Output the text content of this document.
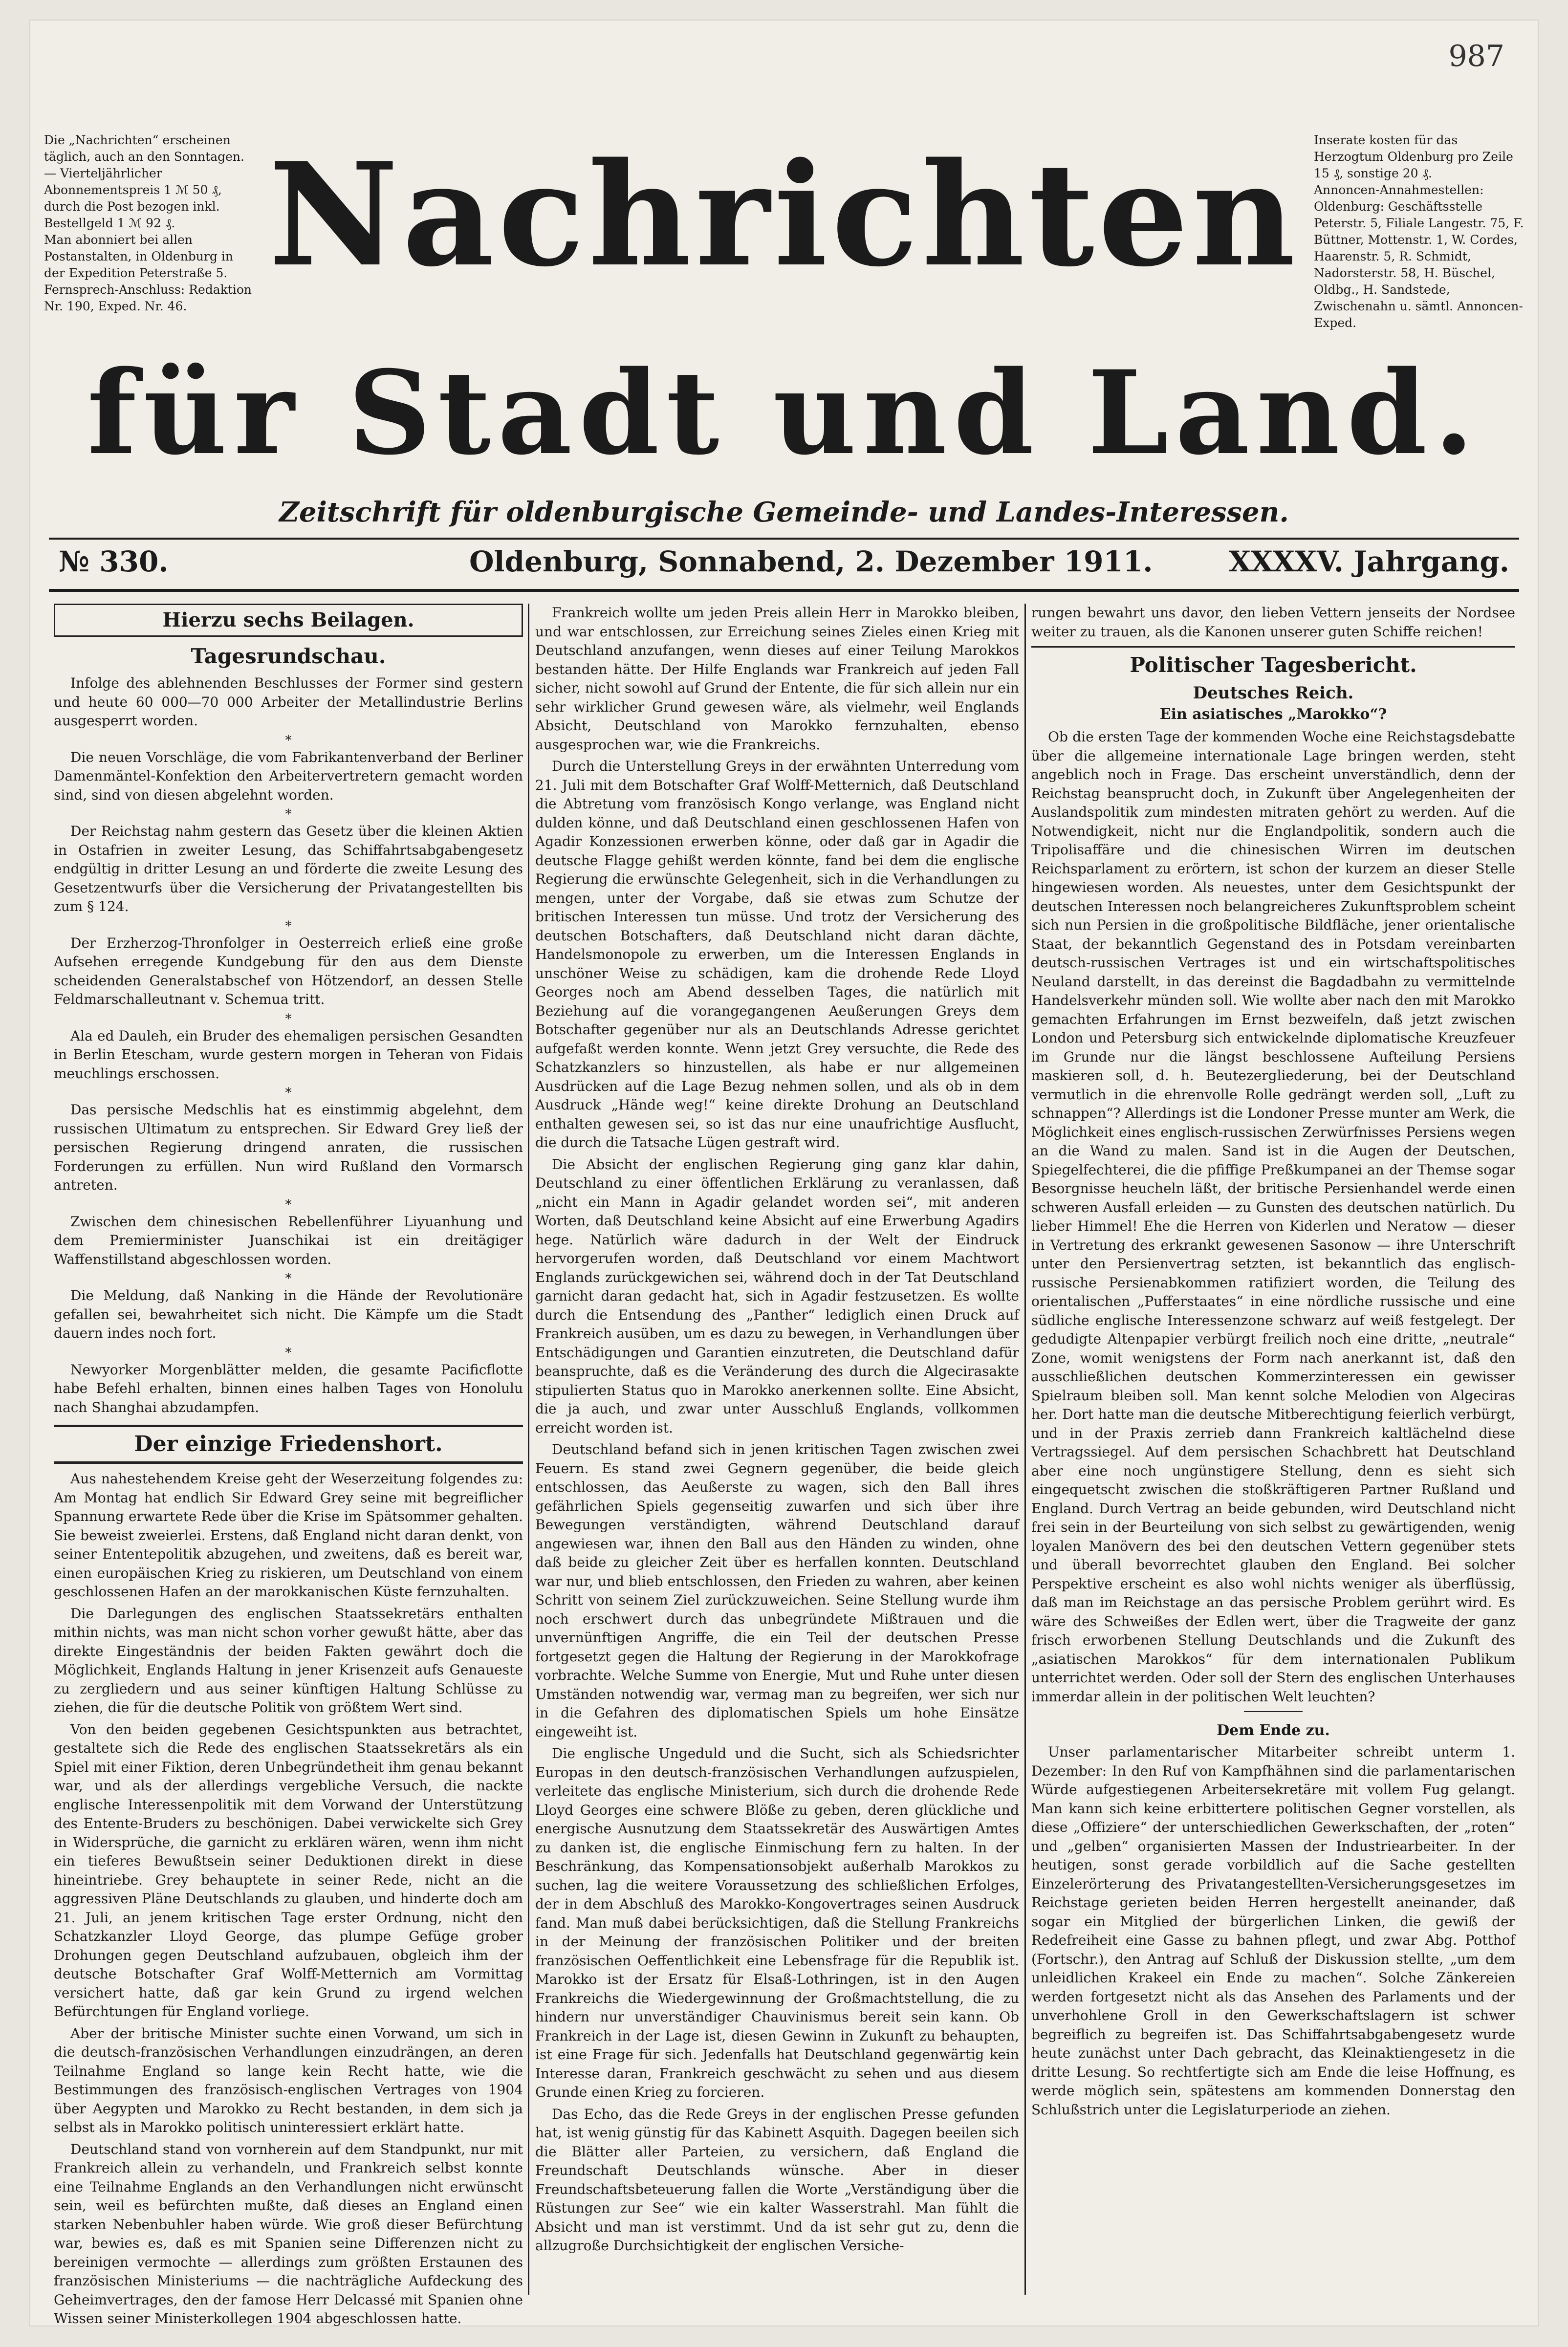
987

Die „Nachrichten“ erscheinen täglich, auch an den Sonntagen. — Vierteljährlicher Abonnementspreis 1 ℳ 50 ₰, durch die Post bezogen inkl. Bestellgeld 1 ℳ 92 ₰.

Man abonniert bei allen Postanstalten, in Oldenburg in der Expedition Peterstraße 5.

Fernsprech-Anschluss: Redaktion Nr. 190, Exped. Nr. 46.

Inserate kosten für das Herzogtum Oldenburg pro Zeile 15 ₰, sonstige 20 ₰.

Annoncen-Annahmestellen: Oldenburg: Geschäftsstelle Peterstr. 5, Filiale Langestr. 75, F. Büttner, Mottenstr. 1, W. Cordes, Haarenstr. 5, R. Schmidt, Nadorsterstr. 58, H. Büschel, Oldbg., H. Sandstede, Zwischenahn u. sämtl. Annoncen-Exped.

Nachrichten
für Stadt und Land.
Zeitschrift für oldenburgische Gemeinde- und Landes-Interessen.
№ 330.	Oldenburg, Sonnabend, 2. Dezember 1911.	XXXXV. Jahrgang.
Hierzu sechs Beilagen.
Tagesrundschau.

Infolge des ablehnenden Beschlusses der Former sind gestern und heute 60 000—70 000 Arbeiter der Metallindustrie Berlins ausgesperrt worden.

*

Die neuen Vorschläge, die vom Fabrikantenverband der Berliner Damenmäntel-Konfektion den Arbeitervertretern gemacht worden sind, sind von diesen abgelehnt worden.

*

Der Reichstag nahm gestern das Gesetz über die kleinen Aktien in Ostafrien in zweiter Lesung, das Schiffahrtsabgabengesetz endgültig in dritter Lesung an und förderte die zweite Lesung des Gesetzentwurfs über die Versicherung der Privatangestellten bis zum § 124.

*

Der Erzherzog-Thronfolger in Oesterreich erließ eine große Aufsehen erregende Kundgebung für den aus dem Dienste scheidenden Generalstabschef von Hötzendorf, an dessen Stelle Feldmarschalleutnant v. Schemua tritt.

*

Ala ed Dauleh, ein Bruder des ehemaligen persischen Gesandten in Berlin Etescham, wurde gestern morgen in Teheran von Fidais meuchlings erschossen.

*

Das persische Medschlis hat es einstimmig abgelehnt, dem russischen Ultimatum zu entsprechen. Sir Edward Grey ließ der persischen Regierung dringend anraten, die russischen Forderungen zu erfüllen. Nun wird Rußland den Vormarsch antreten.

*

Zwischen dem chinesischen Rebellenführer Liyuanhung und dem Premierminister Juanschikai ist ein dreitägiger Waffenstillstand abgeschlossen worden.

*

Die Meldung, daß Nanking in die Hände der Revolutionäre gefallen sei, bewahrheitet sich nicht. Die Kämpfe um die Stadt dauern indes noch fort.

*

Newyorker Morgenblätter melden, die gesamte Pacificflotte habe Befehl erhalten, binnen eines halben Tages von Honolulu nach Shanghai abzudampfen.

Der einzige Friedenshort.

Aus nahestehendem Kreise geht der Weserzeitung folgendes zu: Am Montag hat endlich Sir Edward Grey seine mit begreiflicher Spannung erwartete Rede über die Krise im Spätsommer gehalten. Sie beweist zweierlei. Erstens, daß England nicht daran denkt, von seiner Ententepolitik abzugehen, und zweitens, daß es bereit war, einen europäischen Krieg zu riskieren, um Deutschland von einem geschlossenen Hafen an der marokkanischen Küste fernzuhalten.

Die Darlegungen des englischen Staatssekretärs enthalten mithin nichts, was man nicht schon vorher gewußt hätte, aber das direkte Eingeständnis der beiden Fakten gewährt doch die Möglichkeit, Englands Haltung in jener Krisenzeit aufs Genaueste zu zergliedern und aus seiner künftigen Haltung Schlüsse zu ziehen, die für die deutsche Politik von größtem Wert sind.

Von den beiden gegebenen Gesichtspunkten aus betrachtet, gestaltete sich die Rede des englischen Staatssekretärs als ein Spiel mit einer Fiktion, deren Unbegründetheit ihm genau bekannt war, und als der allerdings vergebliche Versuch, die nackte englische Interessenpolitik mit dem Vorwand der Unterstützung des Entente-Bruders zu beschönigen. Dabei verwickelte sich Grey in Widersprüche, die garnicht zu erklären wären, wenn ihm nicht ein tieferes Bewußtsein seiner Deduktionen direkt in diese hineintriebe. Grey behauptete in seiner Rede, nicht an die aggressiven Pläne Deutschlands zu glauben, und hinderte doch am 21. Juli, an jenem kritischen Tage erster Ordnung, nicht den Schatzkanzler Lloyd George, das plumpe Gefüge grober Drohungen gegen Deutschland aufzubauen, obgleich ihm der deutsche Botschafter Graf Wolff-Metternich am Vormittag versichert hatte, daß gar kein Grund zu irgend welchen Befürchtungen für England vorliege.

Aber der britische Minister suchte einen Vorwand, um sich in die deutsch-französischen Verhandlungen einzudrängen, an deren Teilnahme England so lange kein Recht hatte, wie die Bestimmungen des französisch-englischen Vertrages von 1904 über Aegypten und Marokko zu Recht bestanden, in dem sich ja selbst als in Marokko politisch uninteressiert erklärt hatte.

Deutschland stand von vornherein auf dem Standpunkt, nur mit Frankreich allein zu verhandeln, und Frankreich selbst konnte eine Teilnahme Englands an den Verhandlungen nicht erwünscht sein, weil es befürchten mußte, daß dieses an England einen starken Nebenbuhler haben würde. Wie groß dieser Befürchtung war, bewies es, daß es mit Spanien seine Differenzen nicht zu bereinigen vermochte — allerdings zum größten Erstaunen des französischen Ministeriums — die nachträgliche Aufdeckung des Geheimvertrages, den der famose Herr Delcassé mit Spanien ohne Wissen seiner Ministerkollegen 1904 abgeschlossen hatte.

Frankreich wollte um jeden Preis allein Herr in Marokko bleiben, und war entschlossen, zur Erreichung seines Zieles einen Krieg mit Deutschland anzufangen, wenn dieses auf einer Teilung Marokkos bestanden hätte. Der Hilfe Englands war Frankreich auf jeden Fall sicher, nicht sowohl auf Grund der Entente, die für sich allein nur ein sehr wirklicher Grund gewesen wäre, als vielmehr, weil Englands Absicht, Deutschland von Marokko fernzuhalten, ebenso ausgesprochen war, wie die Frankreichs.

Durch die Unterstellung Greys in der erwähnten Unterredung vom 21. Juli mit dem Botschafter Graf Wolff-Metternich, daß Deutschland die Abtretung vom französisch Kongo verlange, was England nicht dulden könne, und daß Deutschland einen geschlossenen Hafen von Agadir Konzessionen erwerben könne, oder daß gar in Agadir die deutsche Flagge gehißt werden könnte, fand bei dem die englische Regierung die erwünschte Gelegenheit, sich in die Verhandlungen zu mengen, unter der Vorgabe, daß sie etwas zum Schutze der britischen Interessen tun müsse. Und trotz der Versicherung des deutschen Botschafters, daß Deutschland nicht daran dächte, Handelsmonopole zu erwerben, um die Interessen Englands in unschöner Weise zu schädigen, kam die drohende Rede Lloyd Georges noch am Abend desselben Tages, die natürlich mit Beziehung auf die vorangegangenen Aeußerungen Greys dem Botschafter gegenüber nur als an Deutschlands Adresse gerichtet aufgefaßt werden konnte. Wenn jetzt Grey versuchte, die Rede des Schatzkanzlers so hinzustellen, als habe er nur allgemeinen Ausdrücken auf die Lage Bezug nehmen sollen, und als ob in dem Ausdruck „Hände weg!“ keine direkte Drohung an Deutschland enthalten gewesen sei, so ist das nur eine unaufrichtige Ausflucht, die durch die Tatsache Lügen gestraft wird.

Die Absicht der englischen Regierung ging ganz klar dahin, Deutschland zu einer öffentlichen Erklärung zu veranlassen, daß „nicht ein Mann in Agadir gelandet worden sei“, mit anderen Worten, daß Deutschland keine Absicht auf eine Erwerbung Agadirs hege. Natürlich wäre dadurch in der Welt der Eindruck hervorgerufen worden, daß Deutschland vor einem Machtwort Englands zurückgewichen sei, während doch in der Tat Deutschland garnicht daran gedacht hat, sich in Agadir festzusetzen. Es wollte durch die Entsendung des „Panther“ lediglich einen Druck auf Frankreich ausüben, um es dazu zu bewegen, in Verhandlungen über Entschädigungen und Garantien einzutreten, die Deutschland dafür beanspruchte, daß es die Veränderung des durch die Algecirasakte stipulierten Status quo in Marokko anerkennen sollte. Eine Absicht, die ja auch, und zwar unter Ausschluß Englands, vollkommen erreicht worden ist.

Deutschland befand sich in jenen kritischen Tagen zwischen zwei Feuern. Es stand zwei Gegnern gegenüber, die beide gleich entschlossen, das Aeußerste zu wagen, sich den Ball ihres gefährlichen Spiels gegenseitig zuwarfen und sich über ihre Bewegungen verständigten, während Deutschland darauf angewiesen war, ihnen den Ball aus den Händen zu winden, ohne daß beide zu gleicher Zeit über es herfallen konnten. Deutschland war nur, und blieb entschlossen, den Frieden zu wahren, aber keinen Schritt von seinem Ziel zurückzuweichen. Seine Stellung wurde ihm noch erschwert durch das unbegründete Mißtrauen und die unvernünftigen Angriffe, die ein Teil der deutschen Presse fortgesetzt gegen die Haltung der Regierung in der Marokkofrage vorbrachte. Welche Summe von Energie, Mut und Ruhe unter diesen Umständen notwendig war, vermag man zu begreifen, wer sich nur in die Gefahren des diplomatischen Spiels um hohe Einsätze eingeweiht ist.

Die englische Ungeduld und die Sucht, sich als Schiedsrichter Europas in den deutsch-französischen Verhandlungen aufzuspielen, verleitete das englische Ministerium, sich durch die drohende Rede Lloyd Georges eine schwere Blöße zu geben, deren glückliche und energische Ausnutzung dem Staatssekretär des Auswärtigen Amtes zu danken ist, die englische Einmischung fern zu halten. In der Beschränkung, das Kompensationsobjekt außerhalb Marokkos zu suchen, lag die weitere Voraussetzung des schließlichen Erfolges, der in dem Abschluß des Marokko-Kongovertrages seinen Ausdruck fand. Man muß dabei berücksichtigen, daß die Stellung Frankreichs in der Meinung der französischen Politiker und der breiten französischen Oeffentlichkeit eine Lebensfrage für die Republik ist. Marokko ist der Ersatz für Elsaß-Lothringen, ist in den Augen Frankreichs die Wiedergewinnung der Großmachtstellung, die zu hindern nur unverständiger Chauvinismus bereit sein kann. Ob Frankreich in der Lage ist, diesen Gewinn in Zukunft zu behaupten, ist eine Frage für sich. Jedenfalls hat Deutschland gegenwärtig kein Interesse daran, Frankreich geschwächt zu sehen und aus diesem Grunde einen Krieg zu forcieren.

Das Echo, das die Rede Greys in der englischen Presse gefunden hat, ist wenig günstig für das Kabinett Asquith. Dagegen beeilen sich die Blätter aller Parteien, zu versichern, daß England die Freundschaft Deutschlands wünsche. Aber in dieser Freundschaftsbeteuerung fallen die Worte „Verständigung über die Rüstungen zur See“ wie ein kalter Wasserstrahl. Man fühlt die Absicht und man ist verstimmt. Und da ist sehr gut zu, denn die allzugroße Durchsichtigkeit der englischen Versiche-

rungen bewahrt uns davor, den lieben Vettern jenseits der Nordsee weiter zu trauen, als die Kanonen unserer guten Schiffe reichen!

Politischer Tagesbericht.
Deutsches Reich.
Ein asiatisches „Marokko“?

Ob die ersten Tage der kommenden Woche eine Reichstagsdebatte über die allgemeine internationale Lage bringen werden, steht angeblich noch in Frage. Das erscheint unverständlich, denn der Reichstag beansprucht doch, in Zukunft über Angelegenheiten der Auslandspolitik zum mindesten mitraten gehört zu werden. Auf die Notwendigkeit, nicht nur die Englandpolitik, sondern auch die Tripolisaffäre und die chinesischen Wirren im deutschen Reichsparlament zu erörtern, ist schon der kurzem an dieser Stelle hingewiesen worden. Als neuestes, unter dem Gesichtspunkt der deutschen Interessen noch belangreicheres Zukunftsproblem scheint sich nun Persien in die großpolitische Bildfläche, jener orientalische Staat, der bekanntlich Gegenstand des in Potsdam vereinbarten deutsch-russischen Vertrages ist und ein wirtschaftspolitisches Neuland darstellt, in das dereinst die Bagdadbahn zu vermittelnde Handelsverkehr münden soll. Wie wollte aber nach den mit Marokko gemachten Erfahrungen im Ernst bezweifeln, daß jetzt zwischen London und Petersburg sich entwickelnde diplomatische Kreuzfeuer im Grunde nur die längst beschlossene Aufteilung Persiens maskieren soll, d. h. Beutezergliederung, bei der Deutschland vermutlich in die ehrenvolle Rolle gedrängt werden soll, „Luft zu schnappen“? Allerdings ist die Londoner Presse munter am Werk, die Möglichkeit eines englisch-russischen Zerwürfnisses Persiens wegen an die Wand zu malen. Sand ist in die Augen der Deutschen, Spiegelfechterei, die die pfiffige Preßkumpanei an der Themse sogar Besorgnisse heucheln läßt, der britische Persienhandel werde einen schweren Ausfall erleiden — zu Gunsten des deutschen natürlich. Du lieber Himmel! Ehe die Herren von Kiderlen und Neratow — dieser in Vertretung des erkrankt gewesenen Sasonow — ihre Unterschrift unter den Persienvertrag setzten, ist bekanntlich das englisch-russische Persienabkommen ratifiziert worden, die Teilung des orientalischen „Pufferstaates“ in eine nördliche russische und eine südliche englische Interessenzone schwarz auf weiß festgelegt. Der gedudigte Altenpapier verbürgt freilich noch eine dritte, „neutrale“ Zone, womit wenigstens der Form nach anerkannt ist, daß den ausschließlichen deutschen Kommerzinteressen ein gewisser Spielraum bleiben soll. Man kennt solche Melodien von Algeciras her. Dort hatte man die deutsche Mitberechtigung feierlich verbürgt, und in der Praxis zerrieb dann Frankreich kaltlächelnd diese Vertragssiegel. Auf dem persischen Schachbrett hat Deutschland aber eine noch ungünstigere Stellung, denn es sieht sich eingequetscht zwischen die stoßkräftigeren Partner Rußland und England. Durch Vertrag an beide gebunden, wird Deutschland nicht frei sein in der Beurteilung von sich selbst zu gewärtigenden, wenig loyalen Manövern des bei den deutschen Vettern gegenüber stets und überall bevorrechtet glauben den England. Bei solcher Perspektive erscheint es also wohl nichts weniger als überflüssig, daß man im Reichstage an das persische Problem gerührt wird. Es wäre des Schweißes der Edlen wert, über die Tragweite der ganz frisch erworbenen Stellung Deutschlands und die Zukunft des „asiatischen Marokkos“ für dem internationalen Publikum unterrichtet werden. Oder soll der Stern des englischen Unterhauses immerdar allein in der politischen Welt leuchten?

Dem Ende zu.

Unser parlamentarischer Mitarbeiter schreibt unterm 1. Dezember: In den Ruf von Kampfhähnen sind die parlamentarischen Würde aufgestiegenen Arbeitersekretäre mit vollem Fug gelangt. Man kann sich keine erbittertere politischen Gegner vorstellen, als diese „Offiziere“ der unterschiedlichen Gewerkschaften, der „roten“ und „gelben“ organisierten Massen der Industriearbeiter. In der heutigen, sonst gerade vorbildlich auf die Sache gestellten Einzelerörterung des Privatangestellten-Versicherungsgesetzes im Reichstage gerieten beiden Herren hergestellt aneinander, daß sogar ein Mitglied der bürgerlichen Linken, die gewiß der Redefreiheit eine Gasse zu bahnen pflegt, und zwar Abg. Potthof (Fortschr.), den Antrag auf Schluß der Diskussion stellte, „um dem unleidlichen Krakeel ein Ende zu machen“. Solche Zänkereien werden fortgesetzt nicht als das Ansehen des Parlaments und der unverhohlene Groll in den Gewerkschaftslagern ist schwer begreiflich zu begreifen ist. Das Schiffahrtsabgabengesetz wurde heute zunächst unter Dach gebracht, das Kleinaktiengesetz in die dritte Lesung. So rechtfertigte sich am Ende die leise Hoffnung, es werde möglich sein, spätestens am kommenden Donnerstag den Schlußstrich unter die Legislaturperiode an ziehen.
